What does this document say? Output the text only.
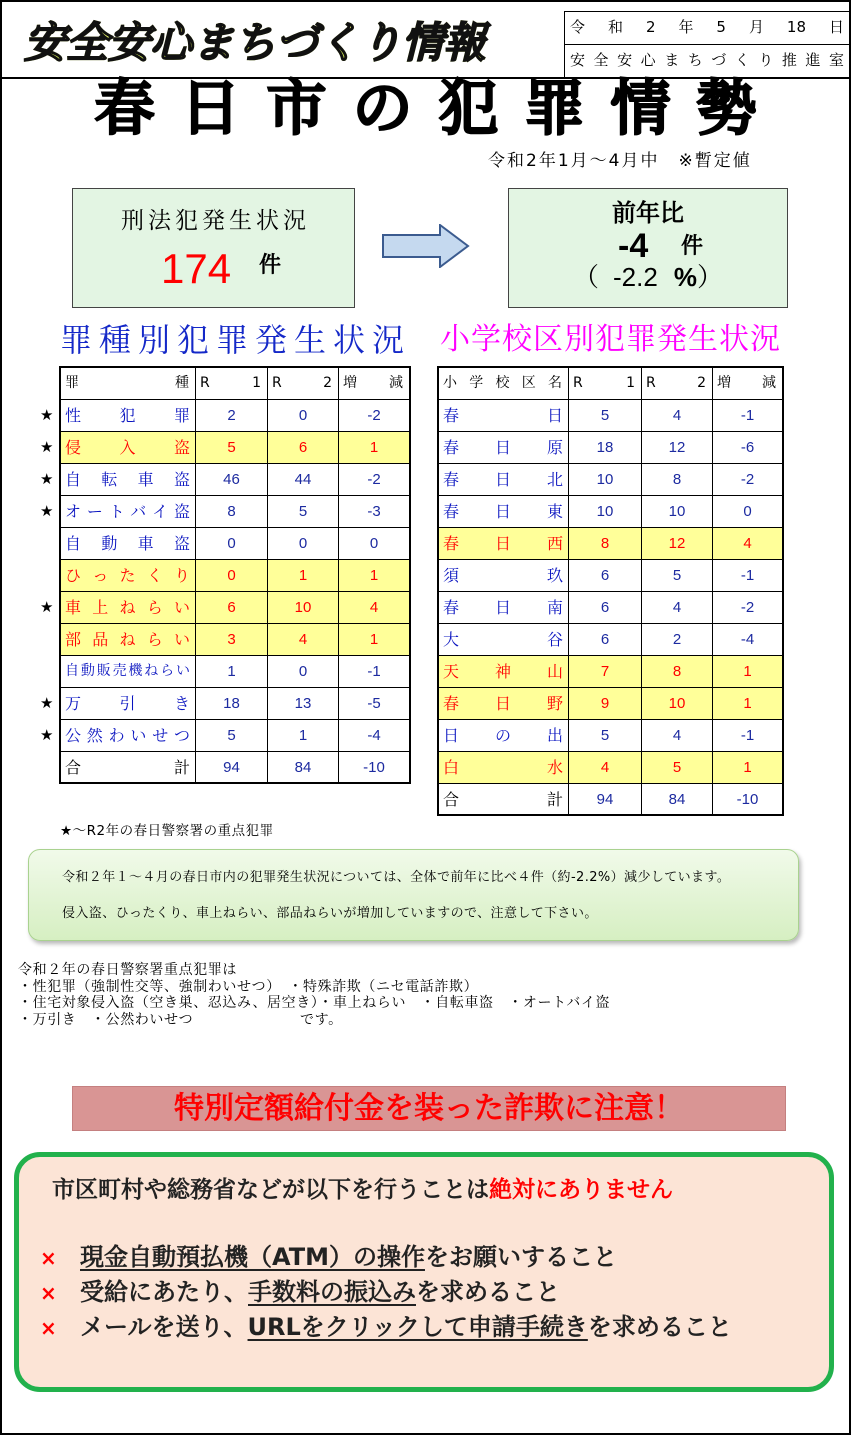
安全安心まちづくり情報	令和2年5月18日
安全安心まちづくり推進室
春日市の犯罪情勢
令和2年1月～4月中　※暫定値
刑法犯発生状況
174 件
前年比
-4 件
（ -2.2 %）
罪種別犯罪発生状況 小学校区別犯罪発生状況
罪種 R 1 R 2 増減
★ 性犯罪	2	0	-2
★ 侵入盗	5	6	1
★ 自転車盗	46	44	-2
★ オートバイ盗	8	5	-3
自動車盗	0	0	0
ひったくり	0	1	1
★ 車上ねらい	6	10	4
部品ねらい	3	4	1
自動販売機ねらい	1	0	-1
★ 万引き	18	13	-5
★ 公然わいせつ	5	1	-4
合計	94	84	-10
小学校区名 R 1 R 2 増減
春日	5	4	-1
春日原	18	12	-6
春日北	10	8	-2
春日東	10	10	0
春日西	8	12	4
須玖	6	5	-1
春日南	6	4	-2
大谷	6	2	-4
天神山	7	8	1
春日野	9	10	1
日の出	5	4	-1
白水	4	5	1
合計	94	84	-10
★～R2年の春日警察署の重点犯罪
令和２年１～４月の春日市内の犯罪発生状況については、全体で前年に比べ４件（約-2.2%）減少しています。
侵入盗、ひったくり、車上ねらい、部品ねらいが増加していますので、注意して下さい。
令和２年の春日警察署重点犯罪は
・性犯罪（強制性交等、強制わいせつ）　・特殊詐欺（ニセ電話詐欺）
・住宅対象侵入盗（空き巣、忍込み、居空き）・車上ねらい　・自転車盗　・オートバイ盗
・万引き　・公然わいせつ	です。
特別定額給付金を装った詐欺に注意！
市区町村や総務省などが以下を行うことは絶対にありません
× 現金自動預払機（ATM）の操作をお願いすること
× 受給にあたり、手数料の振込みを求めること
× メールを送り、URLをクリックして申請手続きを求めること
